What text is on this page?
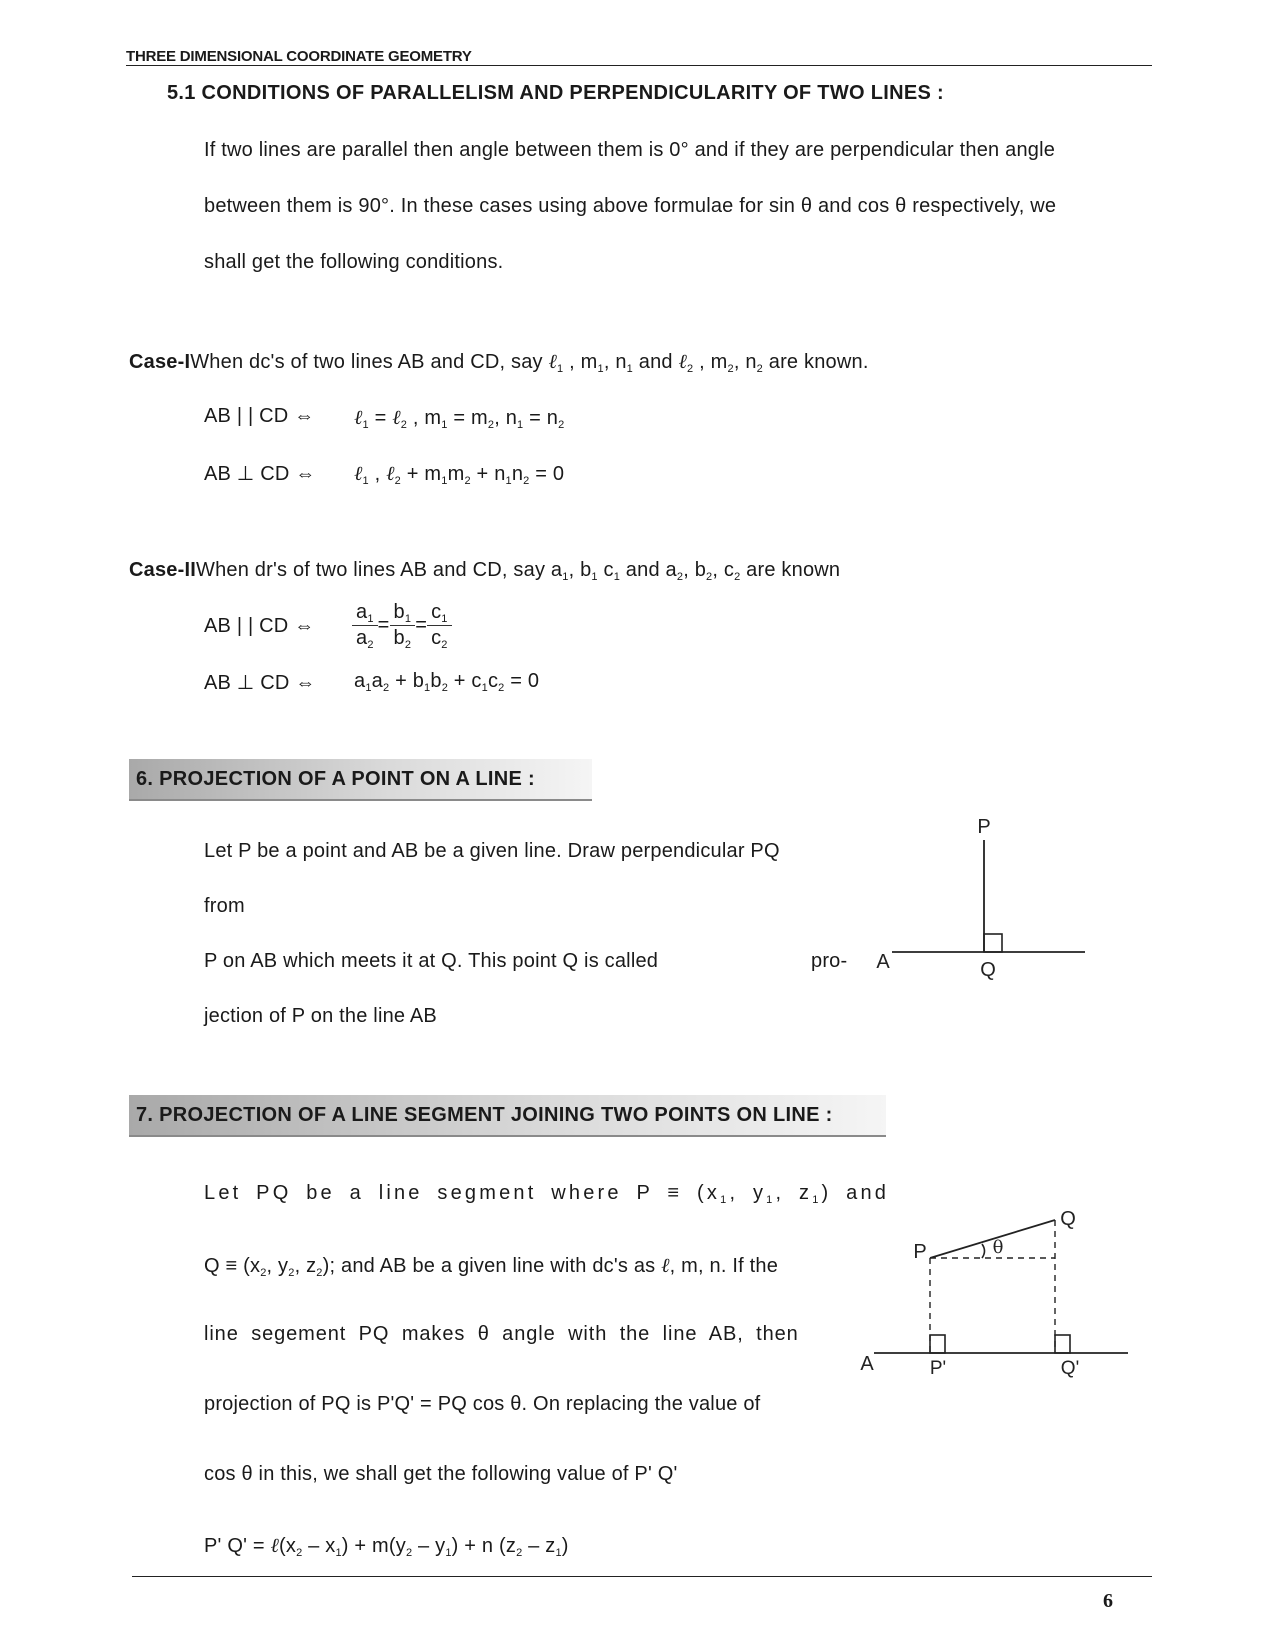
THREE DIMENSIONAL COORDINATE GEOMETRY
5.1 CONDITIONS OF PARALLELISM AND PERPENDICULARITY OF TWO LINES :
If two lines are parallel then angle between them is 0° and if they are perpendicular then angle
between them is 90°. In these cases using above formulae for sin θ and cos θ respectively, we
shall get the following conditions.
Case-IWhen dc's of two lines AB and CD, say ℓ$_1$ , $m_1$, $n_1$ and ℓ$_2$ , $m_2$, $n_2$ are known.
AB | | CD ⇔ ℓ$_1$ = ℓ$_2$ , $m_1 = m_2$, $n_1 = n_2$
AB ⊥ CD ⇔ ℓ$_1$ , ℓ$_2$ + $m_1m_2 + n_1n_2 = 0$
Case-IIWhen dr's of two lines AB and CD, say $a_1$, $b_1$ $c_1$ and $a_2$, $b_2$, $c_2$ are known
AB | | CD ⇔ $\frac{a_1}{a_2} = \frac{b_1}{b_2} = \frac{c_1}{c_2}$
AB ⊥ CD ⇔ $a_1a_2 + b_1b_2 + c_1c_2 = 0$
6. PROJECTION OF A POINT ON A LINE :
Let P be a point and AB be a given line. Draw perpendicular PQ
from
P on AB which meets it at Q. This point Q is called	pro-
jection of P on the line AB
P
A	Q
7. PROJECTION OF A LINE SEGMENT JOINING TWO POINTS ON LINE :
Let PQ be a line segment where $P \equiv (x_1$, $y_1$, $z_1$) and
$Q \equiv (x_2$, $y_2$, $z_2$); and AB be a given line with dc's as ℓ, m, n. If the
line segement PQ makes θ angle with the line AB, then
projection of PQ is P'Q' = PQ cos θ. On replacing the value of
cos θ in this, we shall get the following value of P' Q'
P' $Q' = \ell(x_2 - x_1) + m(y_2 - y_1) + n$ $(z_2 - z_1)$
P
Q
θ
A	P'	Q'
6
